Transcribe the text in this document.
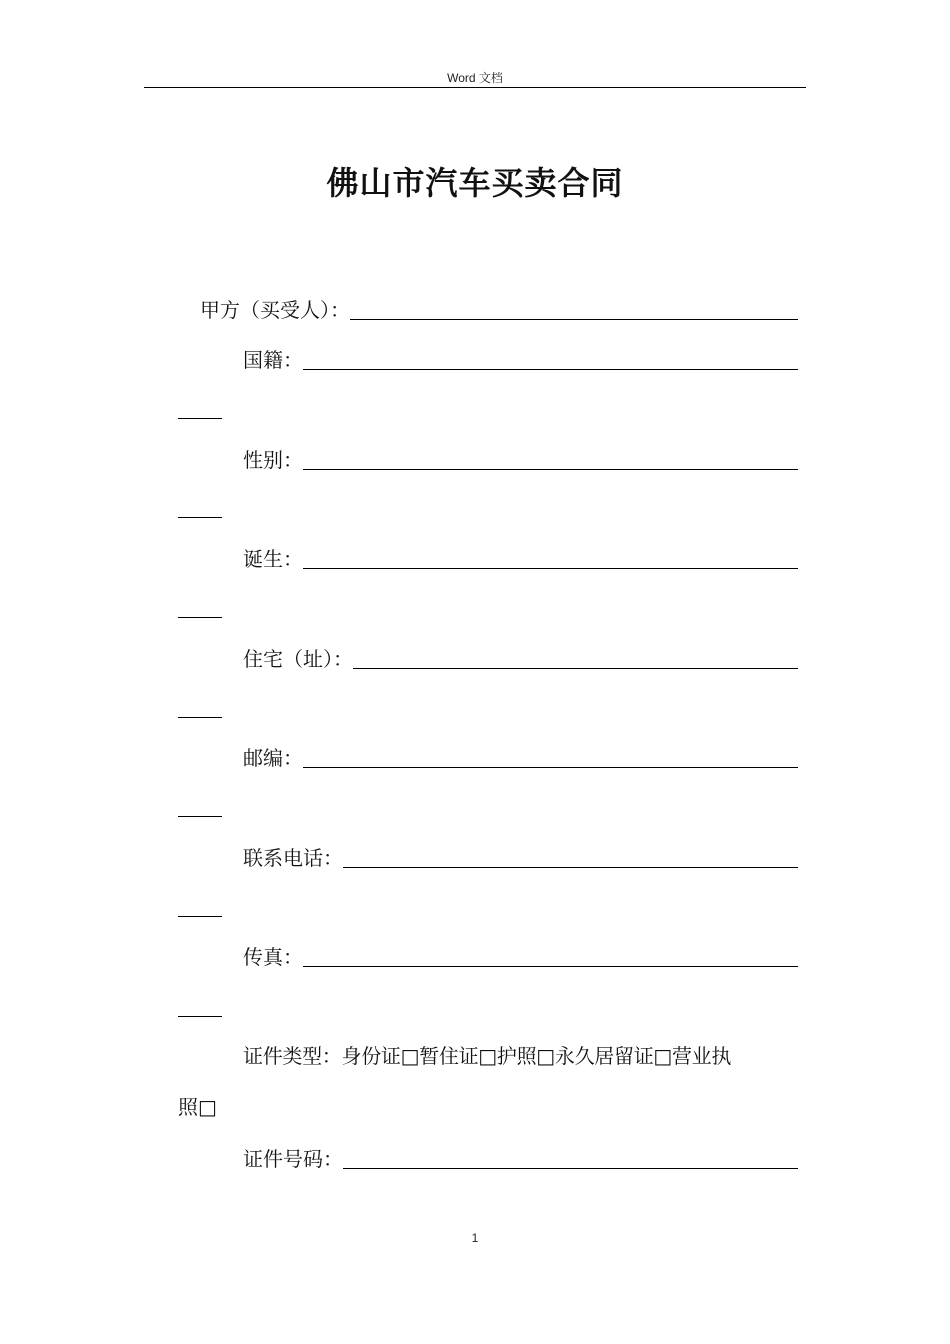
Word 文档
佛山市汽车买卖合同
甲方（买受人）：
国籍：
性别：
诞生：
住宅（址）：
邮编：
联系电话：
传真：
证件类型：身份证□暂住证□护照□永久居留证□营业执
照□
证件号码：
1
